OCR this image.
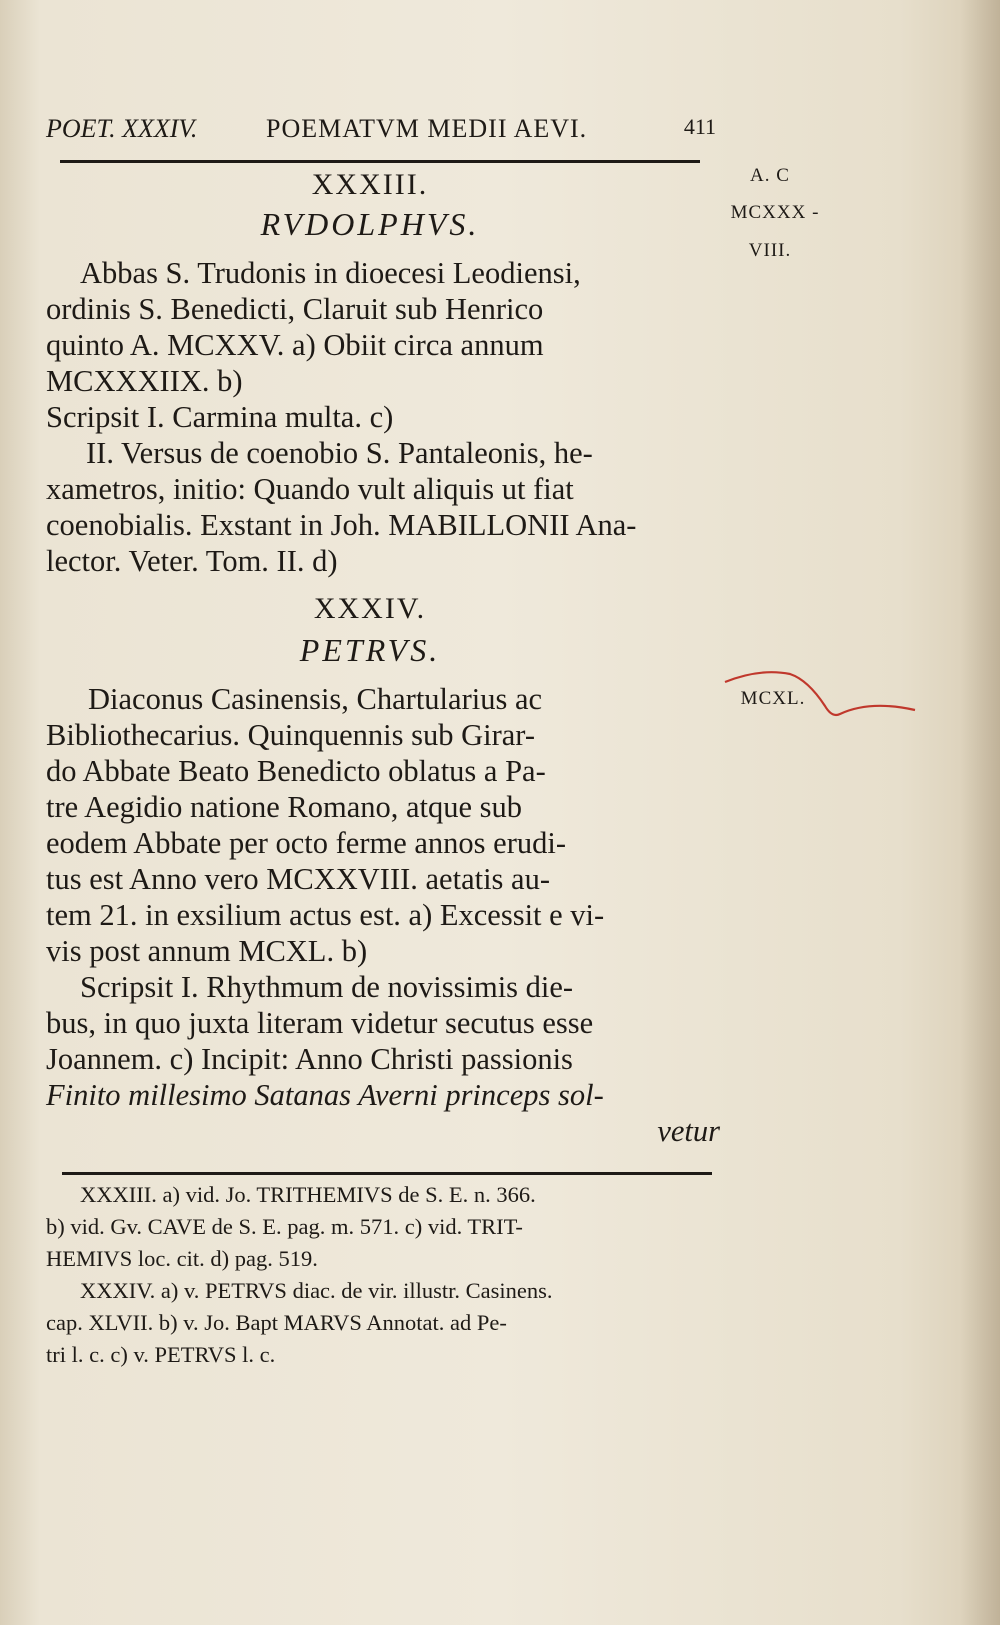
POET. XXXIV.	POEMATVM MEDII AEVI.	411
A. C
MCXXX -
VIII.
MCXL.
XXXIII.
RVDOLPHVS.
Abbas S. Trudonis in dioecesi Leodiensi,
ordinis S. Benedicti, Claruit sub Henrico
quinto A. MCXXV. a) Obiit circa annum
MCXXXIIX. b)
Scripsit I. Carmina multa. c)
II. Versus de coenobio S. Pantaleonis, he-
xametros, initio: Quando vult aliquis ut fiat
coenobialis. Exstant in Joh. MABILLONII Ana-
lector. Veter. Tom. II. d)
XXXIV.
PETRVS.
Diaconus Casinensis, Chartularius ac
Bibliothecarius. Quinquennis sub Girar-
do Abbate Beato Benedicto oblatus a Pa-
tre Aegidio natione Romano, atque sub
eodem Abbate per octo ferme annos erudi-
tus est Anno vero MCXXVIII. aetatis au-
tem 21. in exsilium actus est. a) Excessit e vi-
vis post annum MCXL. b)
Scripsit I. Rhythmum de novissimis die-
bus, in quo juxta literam videtur secutus esse
Joannem. c) Incipit: Anno Christi passionis
Finito millesimo Satanas Averni princeps sol-
vetur
XXXIII. a) vid. Jo. TRITHEMIVS de S. E. n. 366.
b) vid. Gv. CAVE de S. E. pag. m. 571. c) vid. TRIT-
HEMIVS loc. cit. d) pag. 519.
XXXIV. a) v. PETRVS diac. de vir. illustr. Casinens.
cap. XLVII. b) v. Jo. Bapt MARVS Annotat. ad Pe-
tri l. c. c) v. PETRVS l. c.
